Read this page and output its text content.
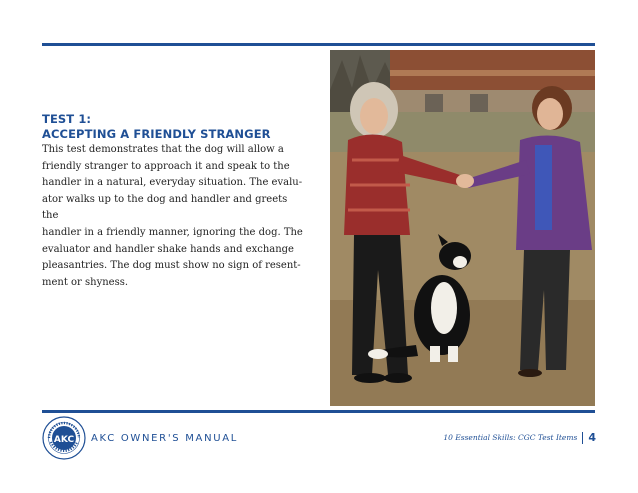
TEST 1:
ACCEPTING A FRIENDLY STRANGER

This test demonstrates that the dog will allow a
friendly stranger to approach it and speak to the
handler in a natural, everyday situation. The evalu-
ator walks up to the dog and handler and greets the
handler in a friendly manner, ignoring the dog. The
evaluator and handler shake hands and exchange
pleasantries. The dog must show no sign of resent-
ment or shyness.

AKC AKC OWNER'S MANUAL	10 Essential Skills: CGC Test Items 4
